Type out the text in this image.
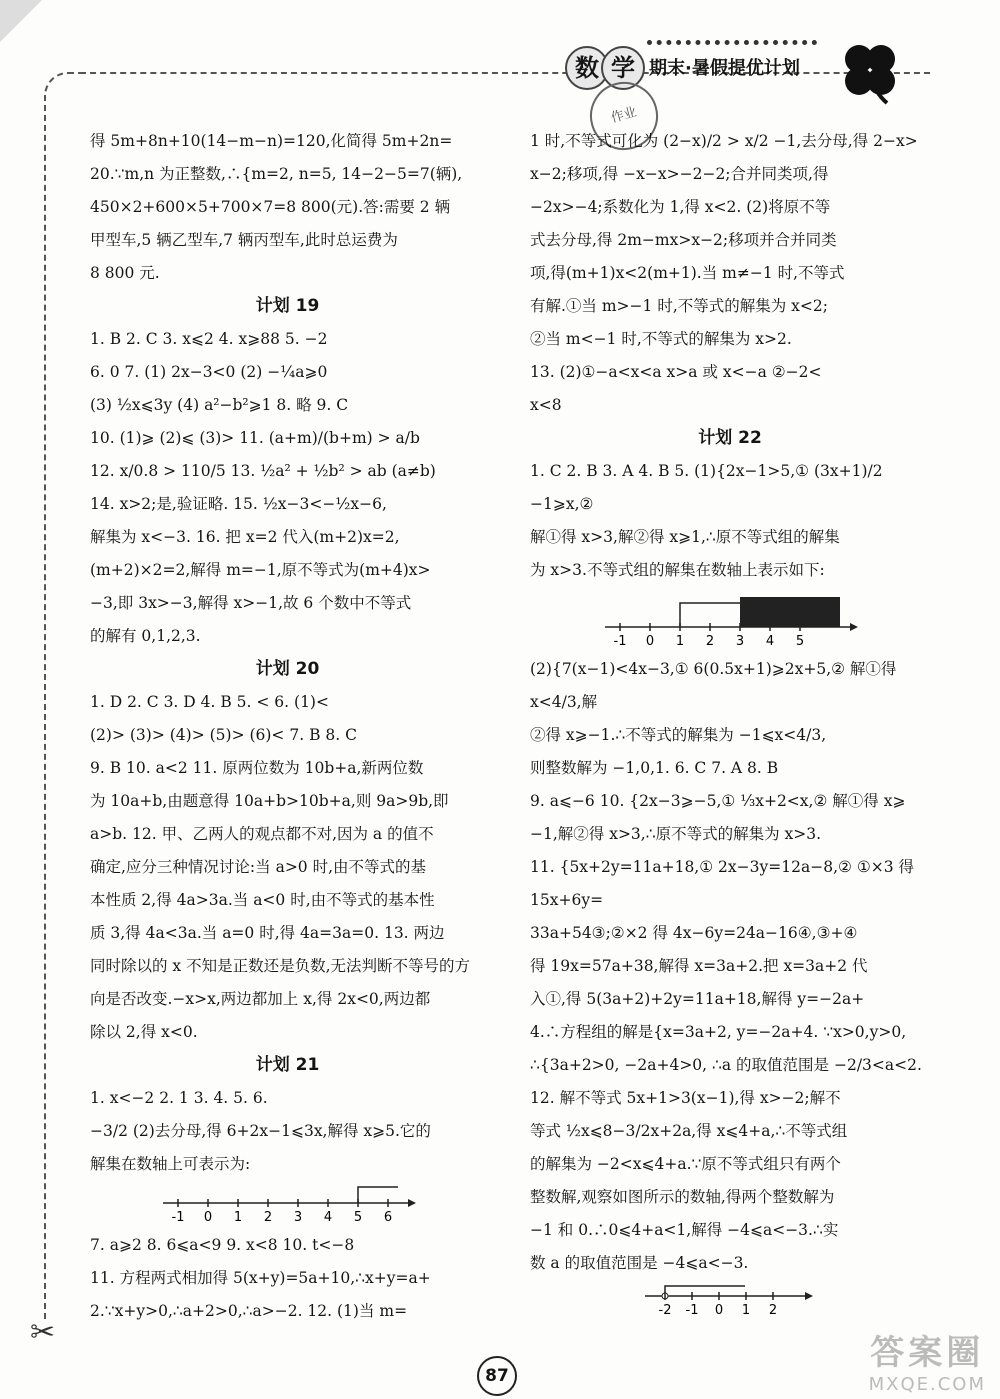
✂
数 学 期末·暑假提优计划
作业

得 5m+8n+10(14−m−n)=120,化简得 5m+2n=

20.∵m,n 为正整数,∴{m=2, n=5, 14−2−5=7(辆),

450×2+600×5+700×7=8 800(元).答:需要 2 辆

甲型车,5 辆乙型车,7 辆丙型车,此时总运费为

8 800 元.

计划 19

1. B 2. C 3. x⩽2 4. x⩾88 5. −2

6. 0 7. (1) 2x−3<0 (2) −¼a⩾0

(3) ½x⩽3y (4) a²−b²⩾1 8. 略 9. C

10. (1)⩾ (2)⩽ (3)> 11. (a+m)/(b+m) > a/b

12. x/0.8 > 110/5 13. ½a² + ½b² > ab (a≠b)

14. x>2;是,验证略. 15. ½x−3<−½x−6,

解集为 x<−3. 16. 把 x=2 代入(m+2)x=2,

(m+2)×2=2,解得 m=−1,原不等式为(m+4)x>

−3,即 3x>−3,解得 x>−1,故 6 个数中不等式

的解有 0,1,2,3.

计划 20

1. D 2. C 3. D 4. B 5. < 6. (1)<

(2)> (3)> (4)> (5)> (6)< 7. B 8. C

9. B 10. a<2 11. 原两位数为 10b+a,新两位数

为 10a+b,由题意得 10a+b>10b+a,则 9a>9b,即

a>b. 12. 甲、乙两人的观点都不对,因为 a 的值不

确定,应分三种情况讨论:当 a>0 时,由不等式的基

本性质 2,得 4a>3a.当 a<0 时,由不等式的基本性

质 3,得 4a<3a.当 a=0 时,得 4a=3a=0. 13. 两边

同时除以的 x 不知是正数还是负数,无法判断不等号的方

向是否改变.−x>x,两边都加上 x,得 2x<0,两边都

除以 2,得 x<0.

计划 21

1. x<−2 2. 1 3. 4. 5. 6.

−3/2 (2)去分母,得 6+2x−1⩽3x,解得 x⩾5.它的

解集在数轴上可表示为:

-1 0 1 2 3 4 5 6

7. a⩾2 8. 6⩽a<9 9. x<8 10. t<−8

11. 方程两式相加得 5(x+y)=5a+10,∴x+y=a+

2.∵x+y>0,∴a+2>0,∴a>−2. 12. (1)当 m=

1 时,不等式可化为 (2−x)/2 > x/2 −1,去分母,得 2−x>

x−2;移项,得 −x−x>−2−2;合并同类项,得

−2x>−4;系数化为 1,得 x<2. (2)将原不等

式去分母,得 2m−mx>x−2;移项并合并同类

项,得(m+1)x<2(m+1).当 m≠−1 时,不等式

有解.①当 m>−1 时,不等式的解集为 x<2;

②当 m<−1 时,不等式的解集为 x>2.

13. (2)①−a<x<a x>a 或 x<−a ②−2<

x<8

计划 22

1. C 2. B 3. A 4. B 5. (1){2x−1>5,① (3x+1)/2 −1⩾x,②

解①得 x>3,解②得 x⩾1,∴原不等式组的解集

为 x>3.不等式组的解集在数轴上表示如下:

-1 0 1 2 3 4 5

(2){7(x−1)<4x−3,① 6(0.5x+1)⩾2x+5,② 解①得 x<4/3,解

②得 x⩾−1.∴不等式的解集为 −1⩽x<4/3,

则整数解为 −1,0,1. 6. C 7. A 8. B

9. a⩽−6 10. {2x−3⩾−5,① ⅓x+2<x,② 解①得 x⩾

−1,解②得 x>3,∴原不等式的解集为 x>3.

11. {5x+2y=11a+18,① 2x−3y=12a−8,② ①×3 得 15x+6y=

33a+54③;②×2 得 4x−6y=24a−16④,③+④

得 19x=57a+38,解得 x=3a+2.把 x=3a+2 代

入①,得 5(3a+2)+2y=11a+18,解得 y=−2a+

4.∴方程组的解是{x=3a+2, y=−2a+4. ∵x>0,y>0,

∴{3a+2>0, −2a+4>0, ∴a 的取值范围是 −2/3<a<2.

12. 解不等式 5x+1>3(x−1),得 x>−2;解不

等式 ½x⩽8−3/2x+2a,得 x⩽4+a,∴不等式组

的解集为 −2<x⩽4+a.∵原不等式组只有两个

整数解,观察如图所示的数轴,得两个整数解为

−1 和 0.∴0⩽4+a<1,解得 −4⩽a<−3.∴实

数 a 的取值范围是 −4⩽a<−3.

-2 -1 0 1 2
87
答案圈
MXQE.COM
